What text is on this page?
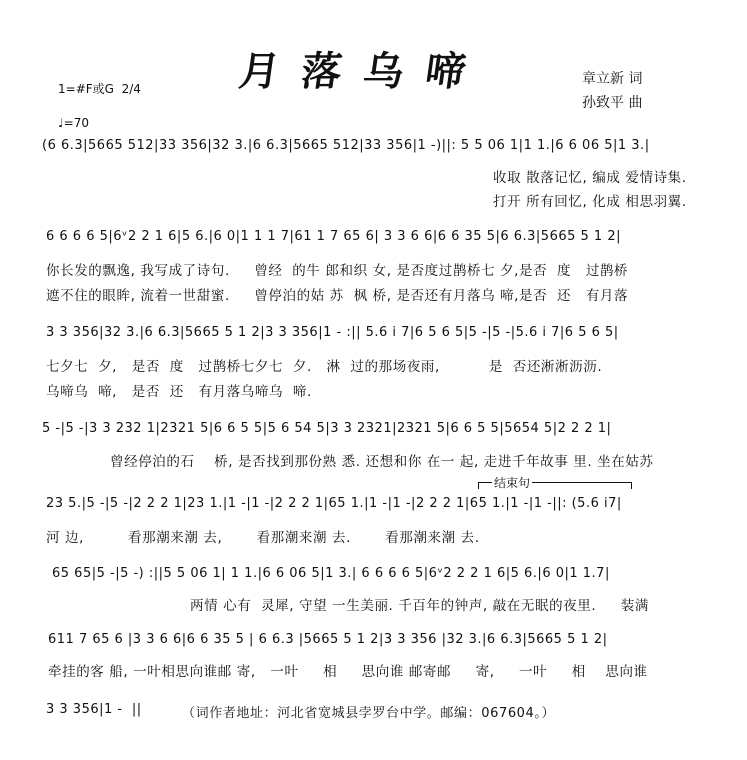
月落乌啼	章立新 词
孙致平 曲
1=#F或G  2/4
♩=70
(6 6.3|5665 512|33 356|32 3.|6 6.3|5665 512|33 356|1 -)||: 5 5 06 1|1 1.|6 6 06 5|1 3.|
收取 散落记忆, 编成 爱情诗集.
打开 所有回忆, 化成 相思羽翼.
6 6 6 6 5|6ᵛ2 2 1 6|5 6.|6 0|1 1 1 7|61 1 7 65 6| 3 3 6 6|6 6 35 5|6 6.3|5665 5 1 2|
你长发的飘逸, 我写成了诗句.     曾经  的牛 郎和织 女, 是否度过鹊桥七 夕,是否  度   过鹊桥
遮不住的眼眸, 流着一世甜蜜.     曾停泊的姑 苏  枫 桥, 是否还有月落乌 啼,是否  还   有月落
3 3 356|32 3.|6 6.3|5665 5 1 2|3 3 356|1 - :|| 5.6 i 7|6 5 6 5|5 -|5 -|5.6 i 7|6 5 6 5|
七夕七  夕,   是否  度   过鹊桥七夕七  夕.   淋  过的那场夜雨,          是  否还淅淅沥沥.
乌啼乌  啼,   是否  还   有月落乌啼乌  啼.
5 -|5 -|3 3 232 1|2321 5|6 6 5 5|5 6 54 5|3 3 2321|2321 5|6 6 5 5|5654 5|2 2 2 1|
曾经停泊的石    桥, 是否找到那份熟 悉. 还想和你 在一 起, 走进千年故事 里. 坐在姑苏
结束句
23 5.|5 -|5 -|2 2 2 1|23 1.|1 -|1 -|2 2 2 1|65 1.|1 -|1 -|2 2 2 1|65 1.|1 -|1 -||: (5.6 i7|
河 边,         看那潮来潮 去,       看那潮来潮 去.       看那潮来潮 去.
65 65|5 -|5 -) :||5 5 06 1| 1 1.|6 6 06 5|1 3.| 6 6 6 6 5|6ᵛ2 2 2 1 6|5 6.|6 0|1 1.7|
两情 心有  灵犀, 守望 一生美丽. 千百年的钟声, 敲在无眠的夜里.     装满
611 7 65 6 |3 3 6 6|6 6 35 5 | 6 6.3 |5665 5 1 2|3 3 356 |32 3.|6 6.3|5665 5 1 2|
牵挂的客 船, 一叶相思向谁邮 寄,   一叶     相     思向谁 邮寄邮     寄,     一叶     相    思向谁
3 3 356|1 -  ||	（词作者地址：河北省宽城县孛罗台中学。邮编：067604。）
